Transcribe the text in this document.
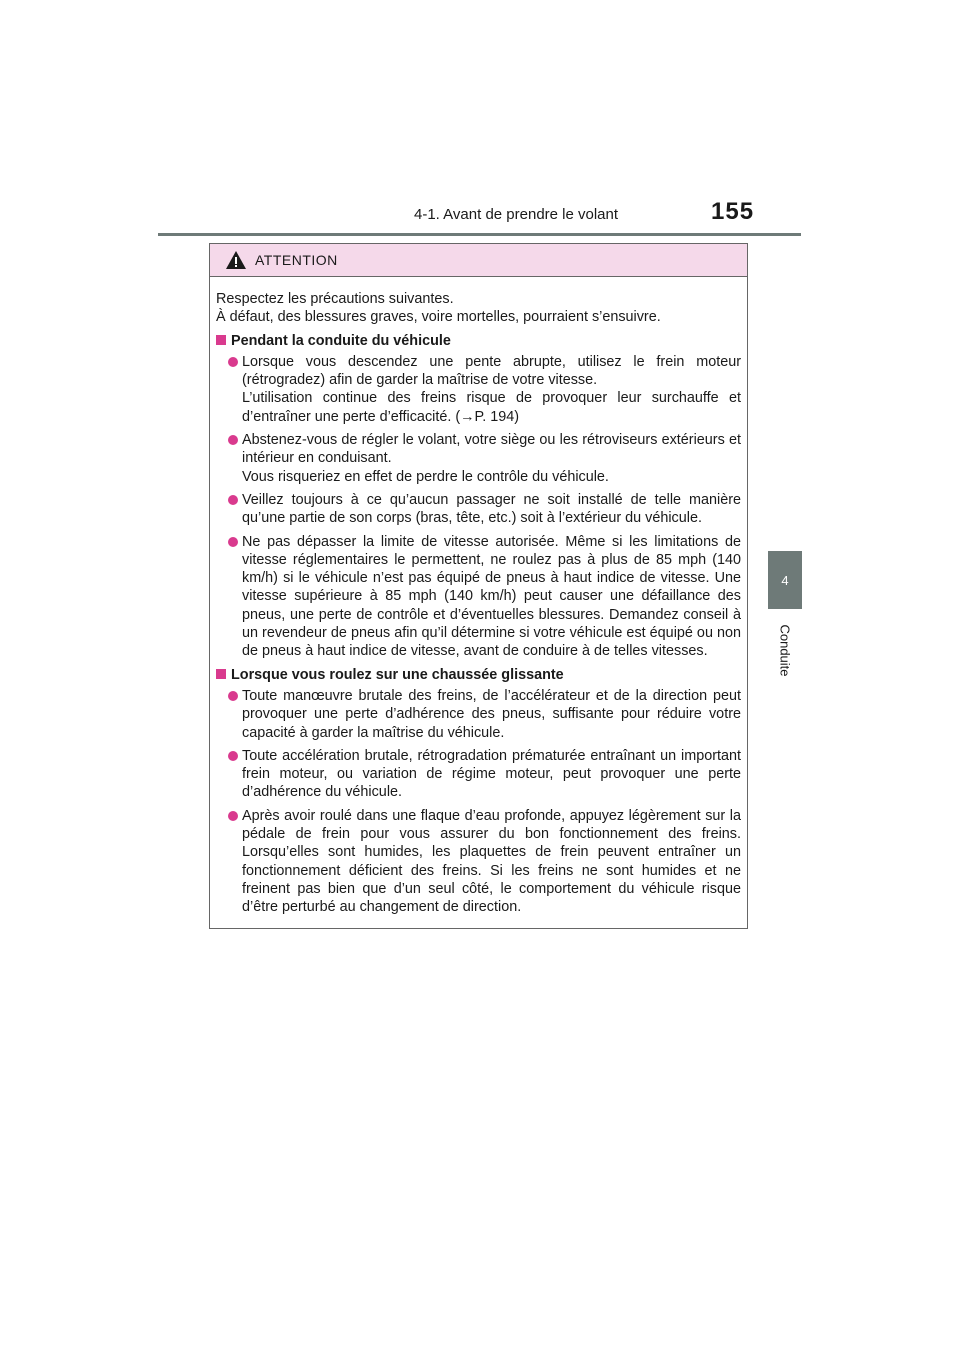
4-1. Avant de prendre le volant	155
4
Conduite
ATTENTION

Respectez les précautions suivantes.

À défaut, des blessures graves, voire mortelles, pourraient s’ensuivre.

Pendant la conduite du véhicule

Lorsque vous descendez une pente abrupte, utilisez le frein moteur (rétrogradez) afin de garder la maîtrise de votre vitesse.

L’utilisation continue des freins risque de provoquer leur surchauffe et d’entraîner une perte d’efficacité. (→P. 194)

Abstenez-vous de régler le volant, votre siège ou les rétroviseurs extérieurs et intérieur en conduisant.

Vous risqueriez en effet de perdre le contrôle du véhicule.

Veillez toujours à ce qu’aucun passager ne soit installé de telle manière qu’une partie de son corps (bras, tête, etc.) soit à l’extérieur du véhicule.

Ne pas dépasser la limite de vitesse autorisée. Même si les limitations de vitesse réglementaires le permettent, ne roulez pas à plus de 85 mph (140 km/h) si le véhicule n’est pas équipé de pneus à haut indice de vitesse. Une vitesse supérieure à 85 mph (140 km/h) peut causer une défaillance des pneus, une perte de contrôle et d’éventuelles blessures. Demandez conseil à un revendeur de pneus afin qu’il détermine si votre véhicule est équipé ou non de pneus à haut indice de vitesse, avant de conduire à de telles vitesses.

Lorsque vous roulez sur une chaussée glissante

Toute manœuvre brutale des freins, de l’accélérateur et de la direction peut provoquer une perte d’adhérence des pneus, suffisante pour réduire votre capacité à garder la maîtrise du véhicule.

Toute accélération brutale, rétrogradation prématurée entraînant un important frein moteur, ou variation de régime moteur, peut provoquer une perte d’adhérence du véhicule.

Après avoir roulé dans une flaque d’eau profonde, appuyez légèrement sur la pédale de frein pour vous assurer du bon fonctionnement des freins. Lorsqu’elles sont humides, les plaquettes de frein peuvent entraîner un fonctionnement déficient des freins. Si les freins ne sont humides et ne freinent pas bien que d’un seul côté, le comportement du véhicule risque d’être perturbé au changement de direction.
